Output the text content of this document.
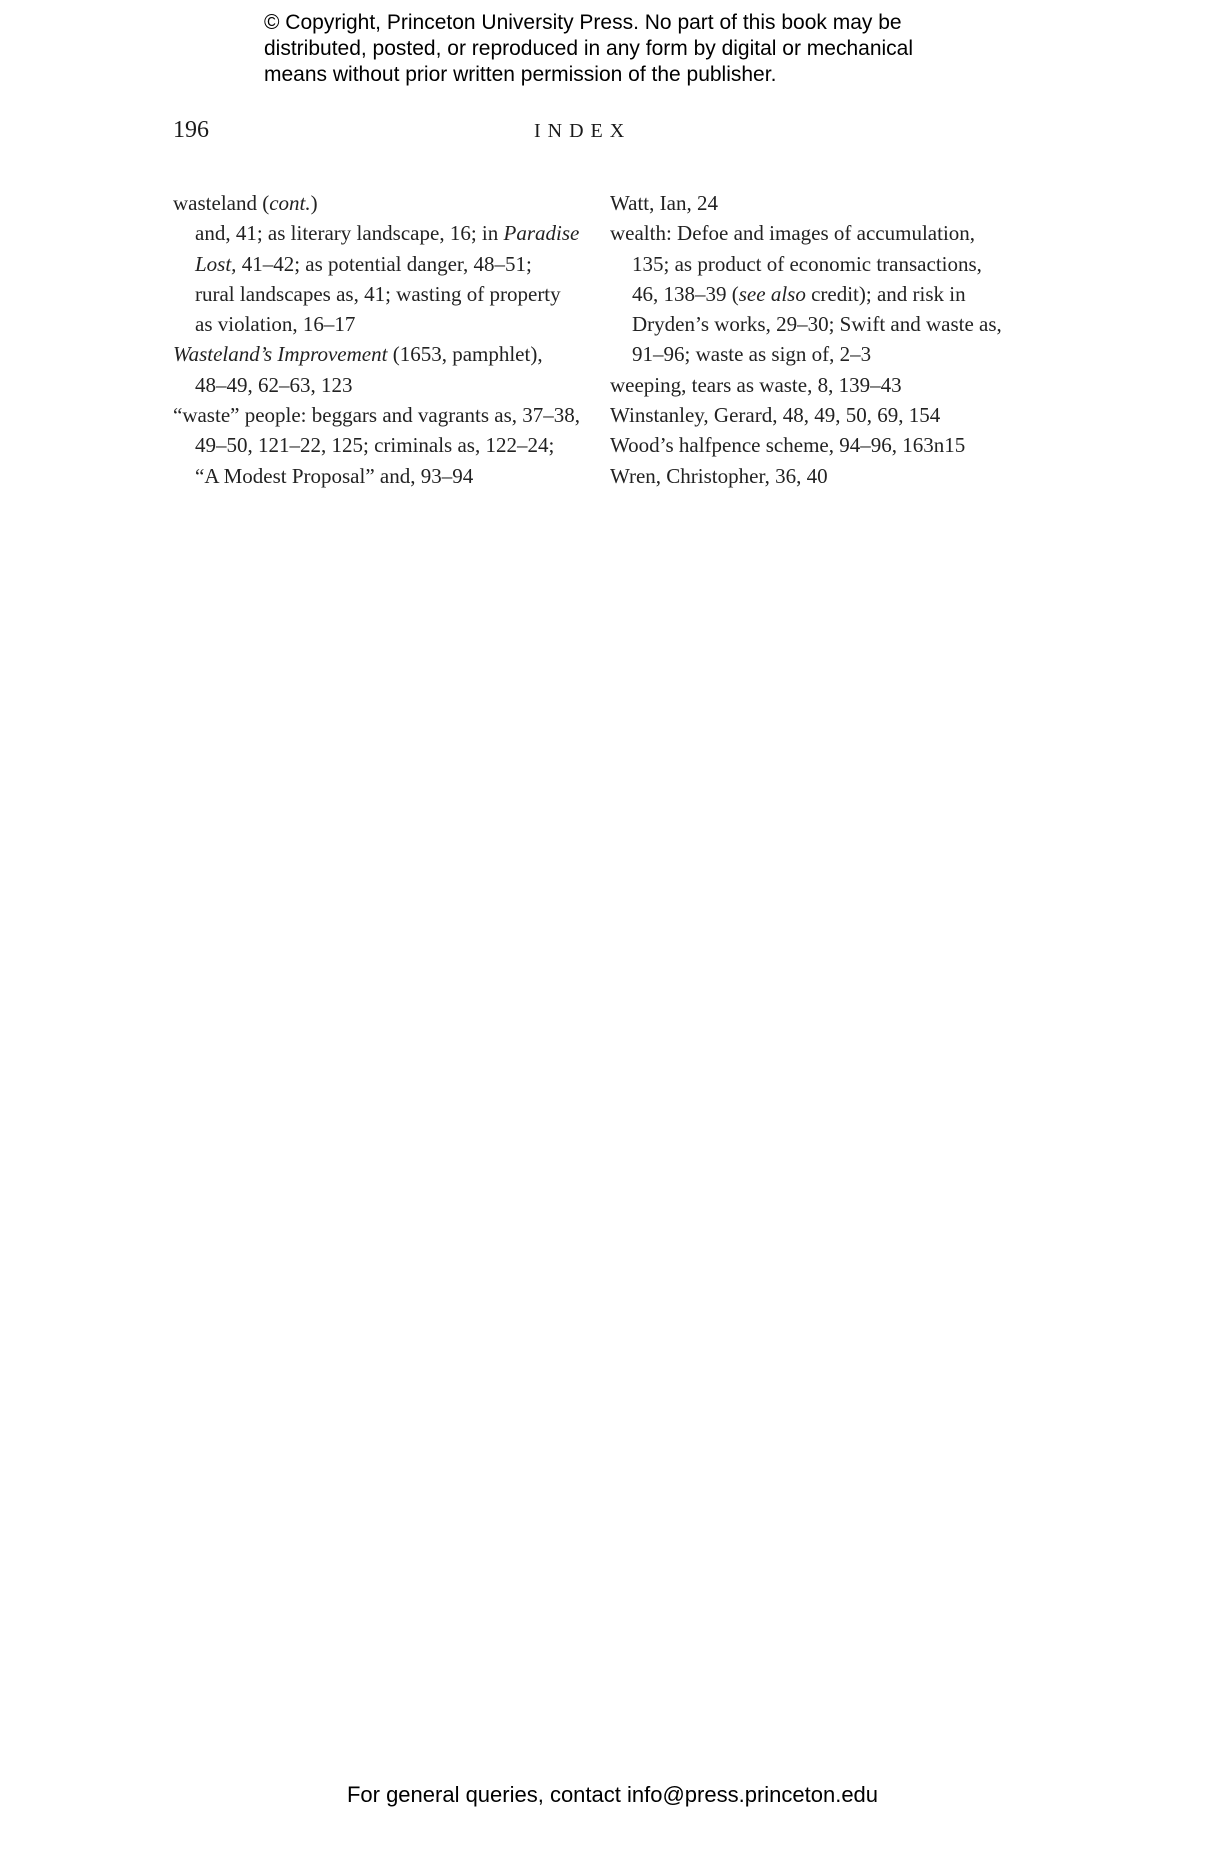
© Copyright, Princeton University Press. No part of this book may be
distributed, posted, or reproduced in any form by digital or mechanical
means without prior written permission of the publisher.
196	INDEX
wasteland (cont.)
and, 41; as literary landscape, 16; in Paradise
Lost, 41–42; as potential danger, 48–51;
rural landscapes as, 41; wasting of property
as violation, 16–17
Wasteland’s Improvement (1653, pamphlet),
48–49, 62–63, 123
“waste” people: beggars and vagrants as, 37–38,
49–50, 121–22, 125; criminals as, 122–24;
“A Modest Proposal” and, 93–94
Watt, Ian, 24
wealth: Defoe and images of accumulation,
135; as product of economic transactions,
46, 138–39 (see also credit); and risk in
Dryden’s works, 29–30; Swift and waste as,
91–96; waste as sign of, 2–3
weeping, tears as waste, 8, 139–43
Winstanley, Gerard, 48, 49, 50, 69, 154
Wood’s halfpence scheme, 94–96, 163n15
Wren, Christopher, 36, 40
For general queries, contact info@press.princeton.edu
